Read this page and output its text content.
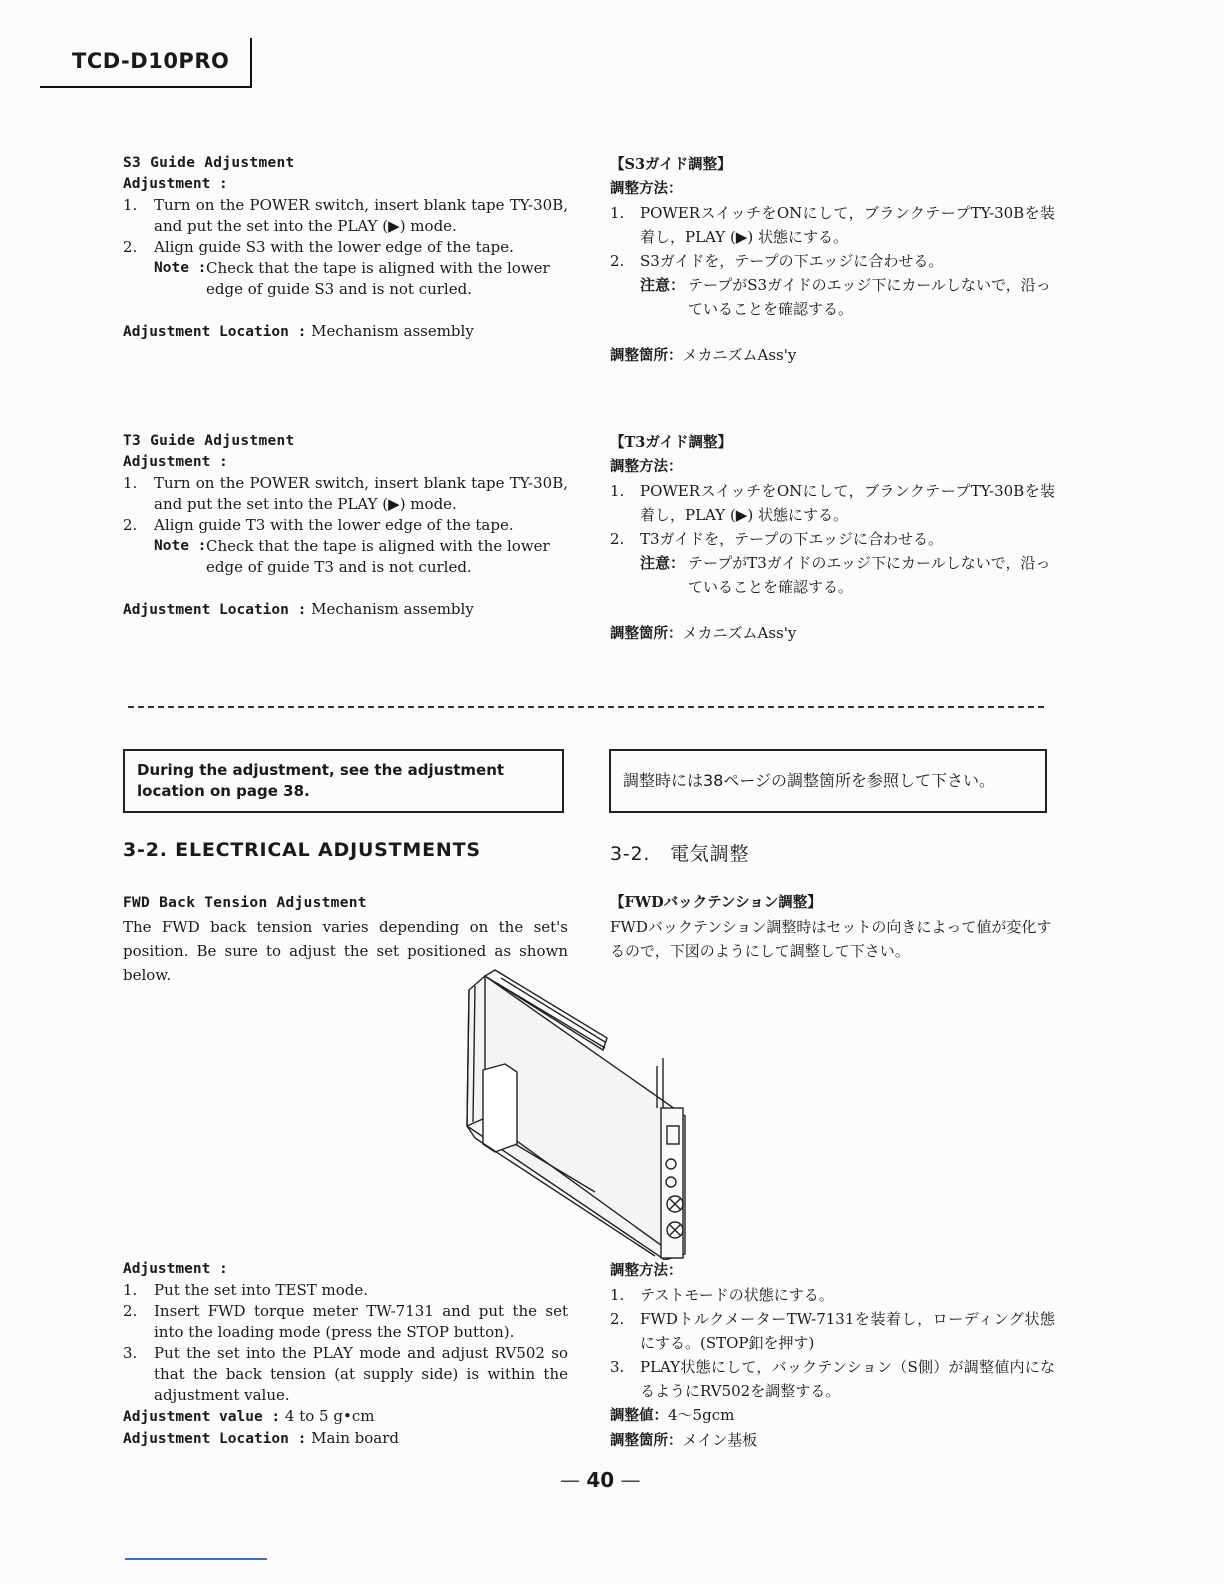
TCD-D10PRO
S3 Guide Adjustment
Adjustment :
1. Turn on the POWER switch, insert blank tape TY-30B, and put the set into the PLAY (▶) mode.
2. Align guide S3 with the lower edge of the tape.
Note : Check that the tape is aligned with the lower edge of guide S3 and is not curled.
Adjustment Location : Mechanism assembly
【S3ガイド調整】
調整方法：
1. POWERスイッチをONにして，ブランクテープTY-30Bを装着し，PLAY (▶) 状態にする。
2. S3ガイドを，テープの下エッジに合わせる。
注意： テープがS3ガイドのエッジ下にカールしないで，沿っていることを確認する。
調整箇所：メカニズムAss'y
T3 Guide Adjustment
Adjustment :
1. Turn on the POWER switch, insert blank tape TY-30B, and put the set into the PLAY (▶) mode.
2. Align guide T3 with the lower edge of the tape.
Note : Check that the tape is aligned with the lower edge of guide T3 and is not curled.
Adjustment Location : Mechanism assembly
【T3ガイド調整】
調整方法：
1. POWERスイッチをONにして，ブランクテープTY-30Bを装着し，PLAY (▶) 状態にする。
2. T3ガイドを，テープの下エッジに合わせる。
注意： テープがT3ガイドのエッジ下にカールしないで，沿っていることを確認する。
調整箇所：メカニズムAss'y
During the adjustment, see the adjustment location on page 38.
調整時には38ページの調整箇所を参照して下さい。
3-2. ELECTRICAL ADJUSTMENTS	3-2.　電気調整
FWD Back Tension Adjustment
The FWD back tension varies depending on the set's position. Be sure to adjust the set positioned as shown below.
【FWDバックテンション調整】
FWDバックテンション調整時はセットの向きによって値が変化するので，下図のようにして調整して下さい。
Adjustment :
1. Put the set into TEST mode.
2. Insert FWD torque meter TW-7131 and put the set into the loading mode (press the STOP button).
3. Put the set into the PLAY mode and adjust RV502 so that the back tension (at supply side) is within the adjustment value.
Adjustment value : 4 to 5 g•cm
Adjustment Location : Main board
調整方法：
1. テストモードの状態にする。
2. FWDトルクメーターTW-7131を装着し，ローディング状態にする。(STOP釦を押す)
3. PLAY状態にして，バックテンション（S側）が調整値内になるようにRV502を調整する。
調整値：4～5gcm
調整箇所：メイン基板
— 40 —
